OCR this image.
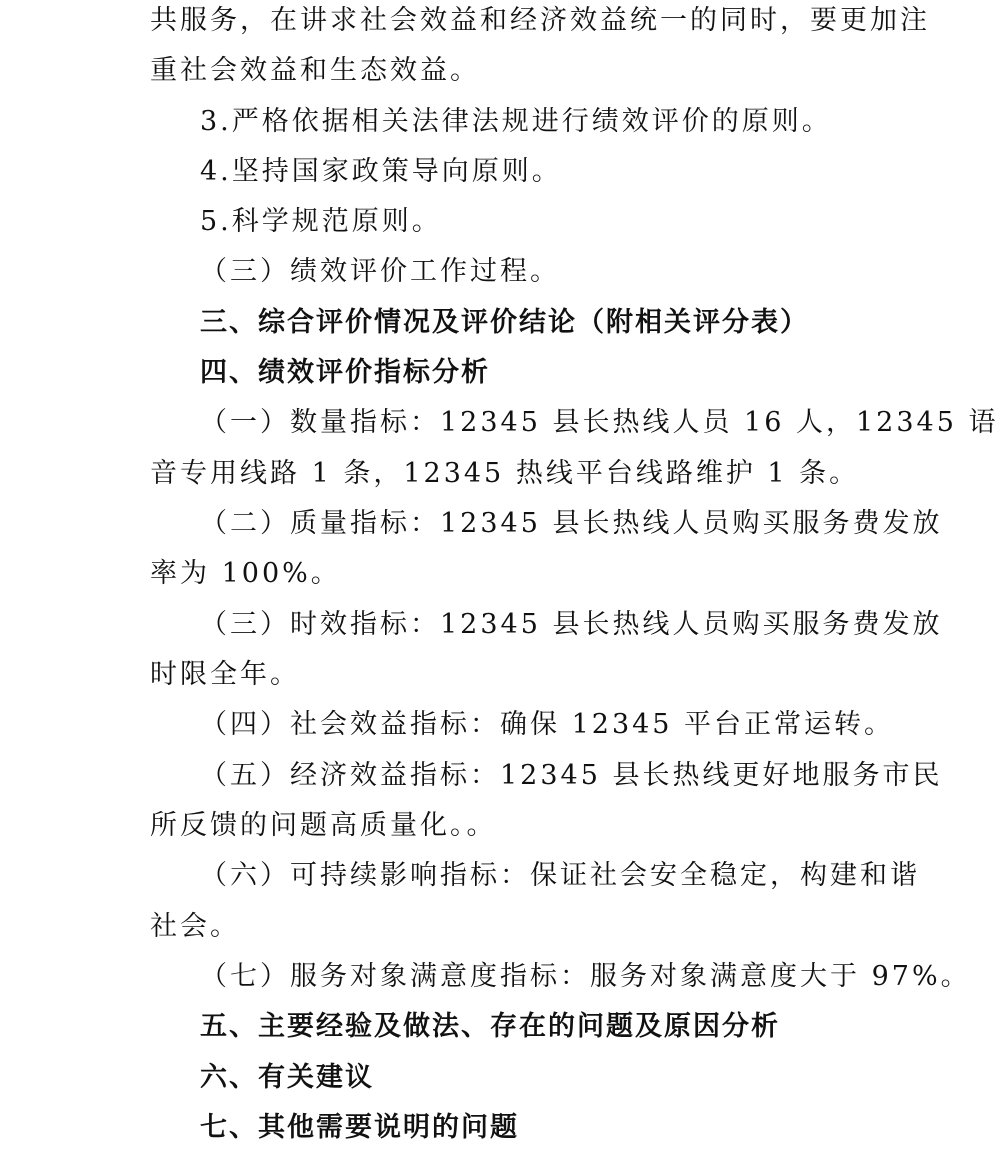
共服务，在讲求社会效益和经济效益统一的同时，要更加注
重社会效益和生态效益。
3.严格依据相关法律法规进行绩效评价的原则。
4.坚持国家政策导向原则。
5.科学规范原则。
（三）绩效评价工作过程。
三、综合评价情况及评价结论（附相关评分表）
四、绩效评价指标分析
（一）数量指标：12345 县长热线人员 16 人，12345 语
音专用线路 1 条，12345 热线平台线路维护 1 条。
（二）质量指标：12345 县长热线人员购买服务费发放
率为 100%。
（三）时效指标：12345 县长热线人员购买服务费发放
时限全年。
（四）社会效益指标：确保 12345 平台正常运转。
（五）经济效益指标：12345 县长热线更好地服务市民
所反馈的问题高质量化。。
（六）可持续影响指标：保证社会安全稳定，构建和谐
社会。
（七）服务对象满意度指标：服务对象满意度大于 97%。
五、主要经验及做法、存在的问题及原因分析
六、有关建议
七、其他需要说明的问题
